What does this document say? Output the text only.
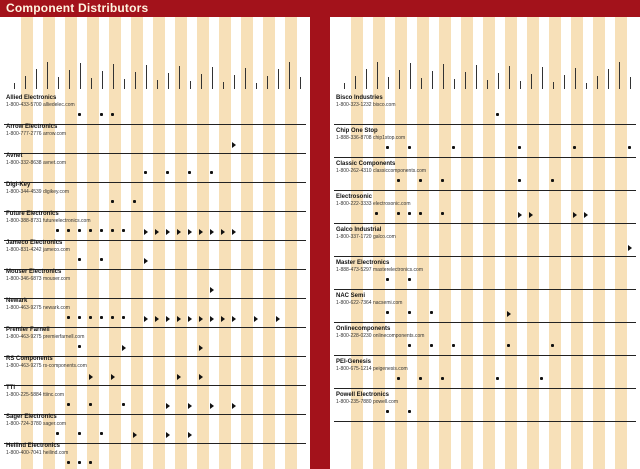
Component Distributors
Allied Electronics
1-800-433-5700 alliedelec.com
Arrow Electronics
1-800-777-2776 arrow.com
Avnet
1-800-332-8638 avnet.com
Digi-Key
1-800-344-4539 digikey.com
Future Electronics
1-800-388-8731 futureelectronics.com
Jameco Electronics
1-800-831-4242 jameco.com
Mouser Electronics
1-800-346-6873 mouser.com
Newark
1-800-463-9275 newark.com
Premier Farnell
1-800-463-9275 premierfarnell.com
RS Components
1-800-463-9275 rs-components.com
TTI
1-800-225-5884 ttiinc.com
Sager Electronics
1-800-724-3780 sager.com
Heilind Electronics
1-800-400-7041 heilind.com
Bisco Industries
1-800-323-1232 bisco.com
Chip One Stop
1-888-336-8708 chip1stop.com
Classic Components
1-800-262-4310 classiccomponents.com
Electrosonic
1-800-222-3333 electrosonic.com
Galco Industrial
1-800-337-1720 galco.com
Master Electronics
1-888-473-5297 masterelectronics.com
NAC Semi
1-800-622-7364 nacsemi.com
Onlinecomponents
1-800-228-0230 onlinecomponents.com
PEI-Genesis
1-800-675-1214 peigenesis.com
Powell Electronics
1-800-235-7880 powell.com
